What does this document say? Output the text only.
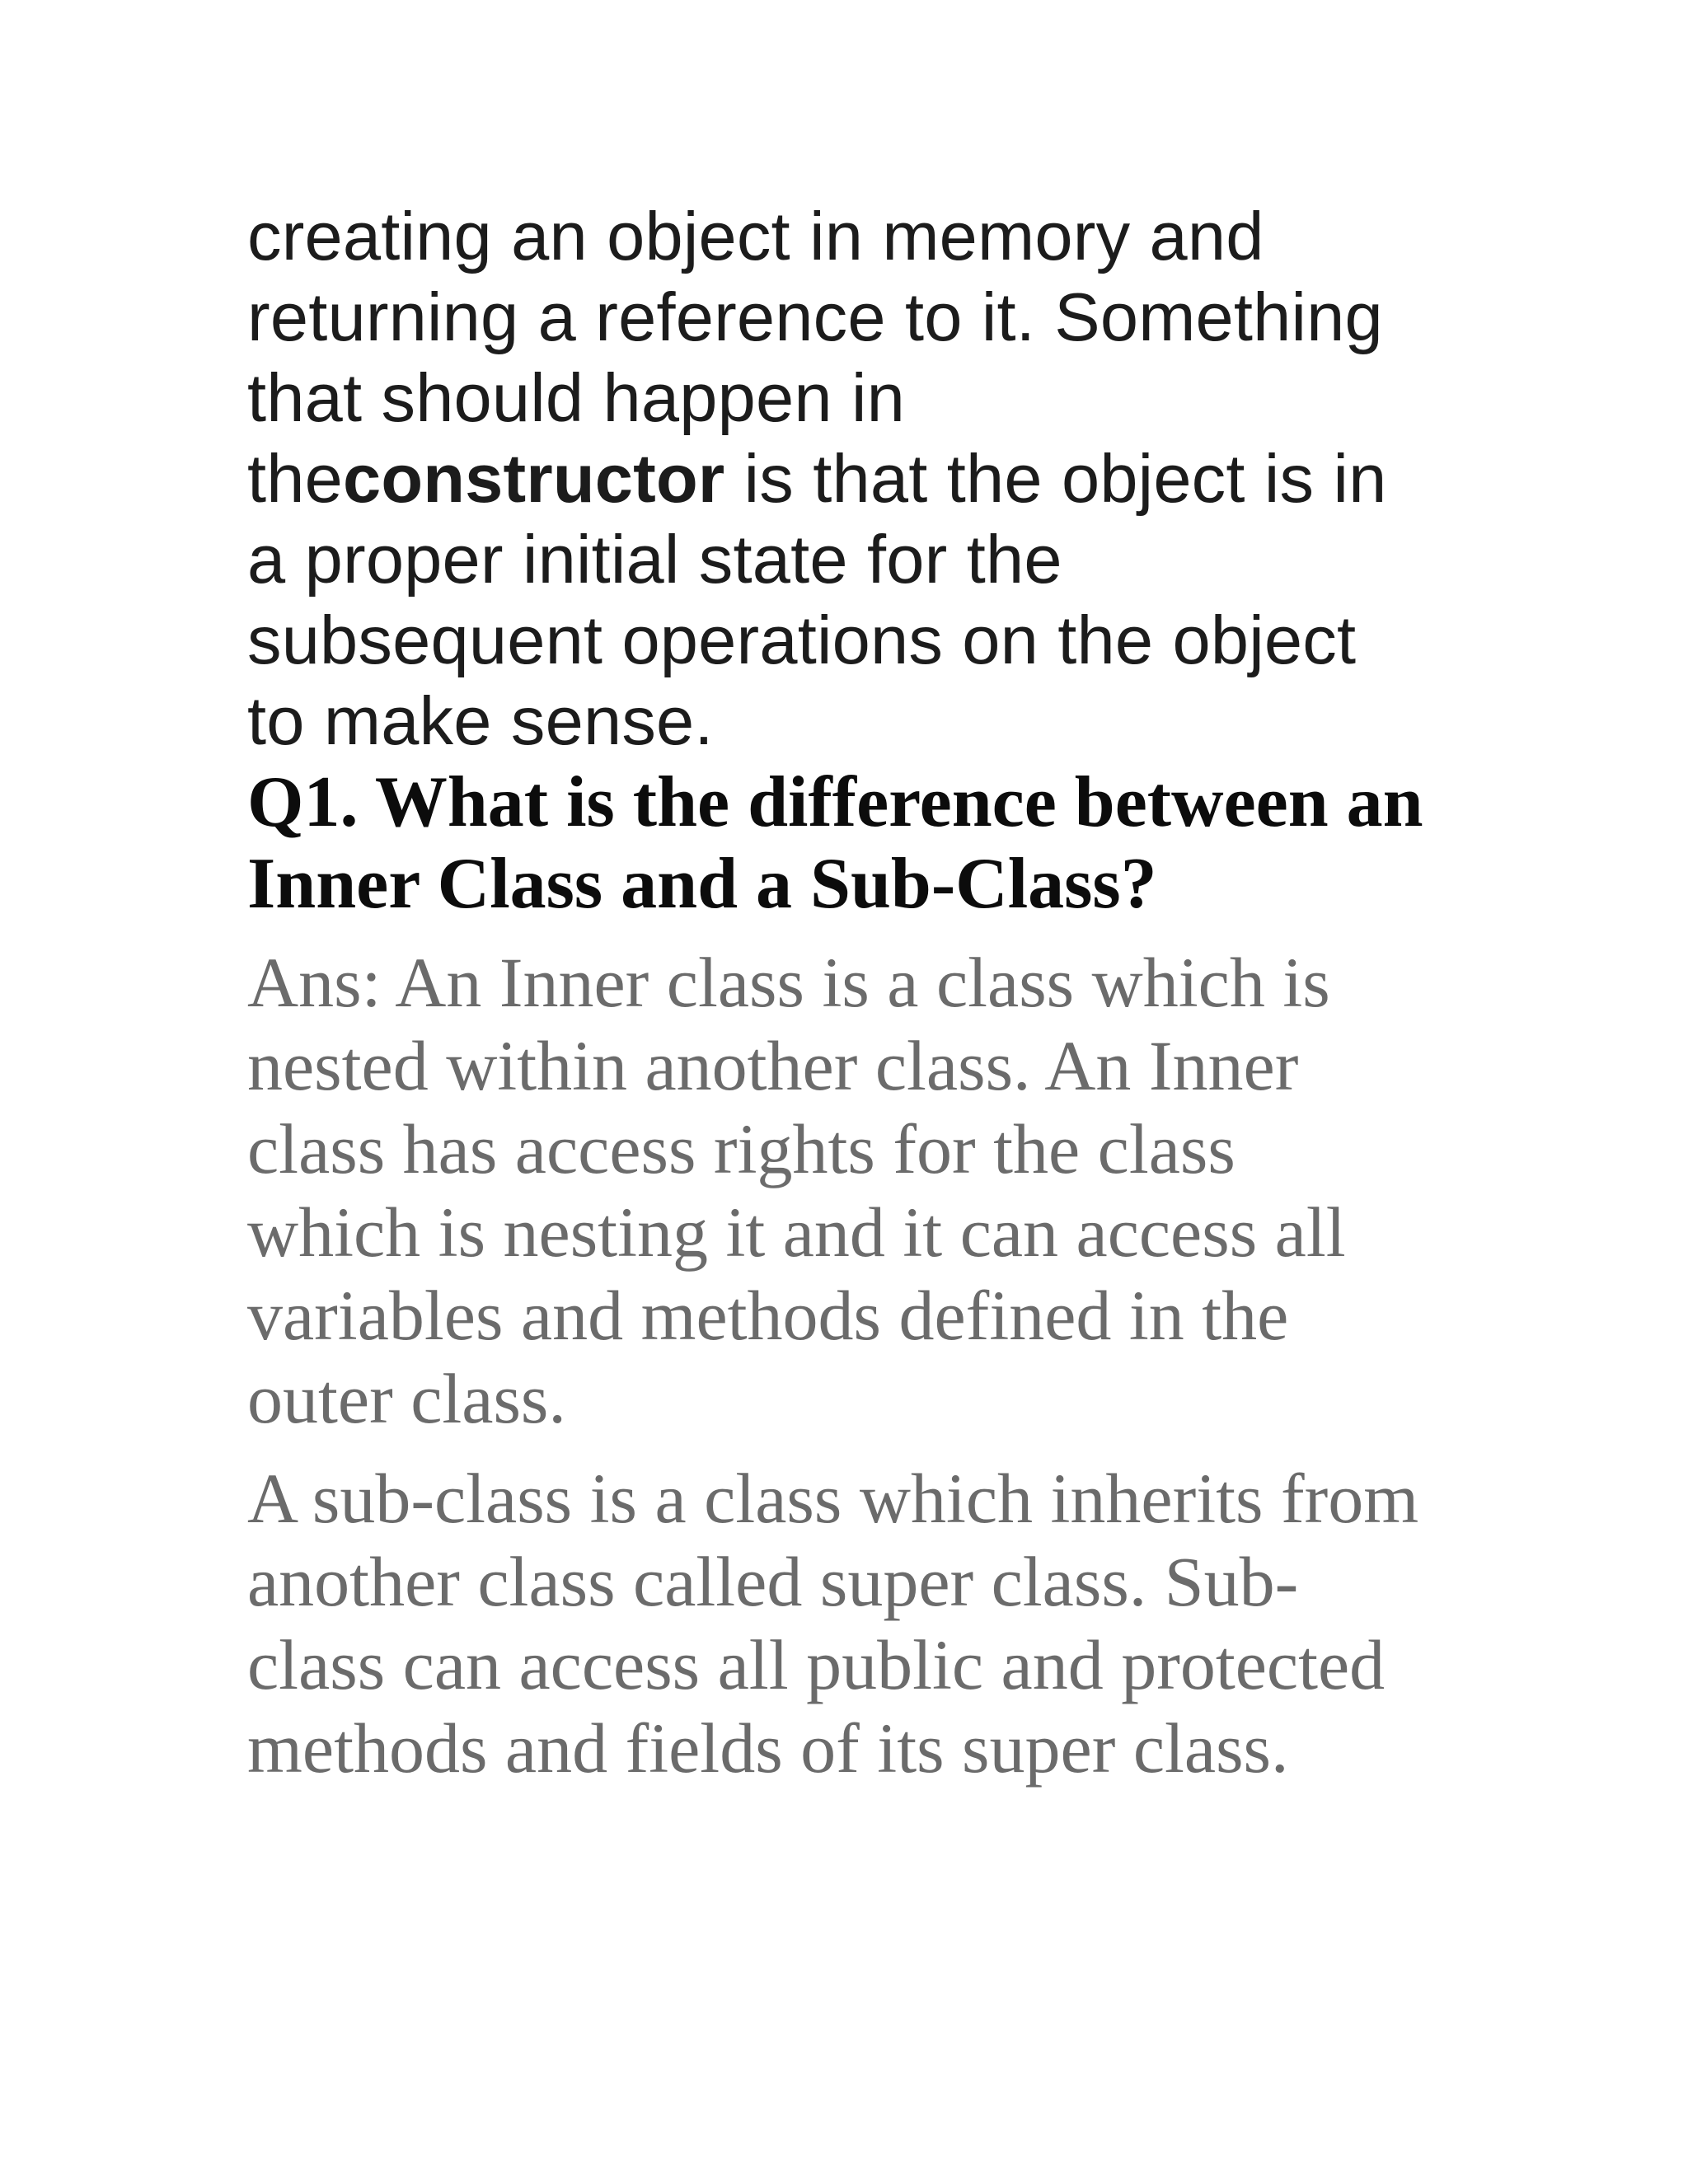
creating an object in memory and
returning a reference to it. Something
that should happen in
theconstructor is that the object is in
a proper initial state for the
subsequent operations on the object
to make sense.

Q1. What is the difference between an
Inner Class and a Sub-Class?

Ans: An Inner class is a class which is
nested within another class. An Inner
class has access rights for the class
which is nesting it and it can access all
variables and methods defined in the
outer class.

A sub-class is a class which inherits from
another class called super class. Sub-
class can access all public and protected
methods and fields of its super class.
